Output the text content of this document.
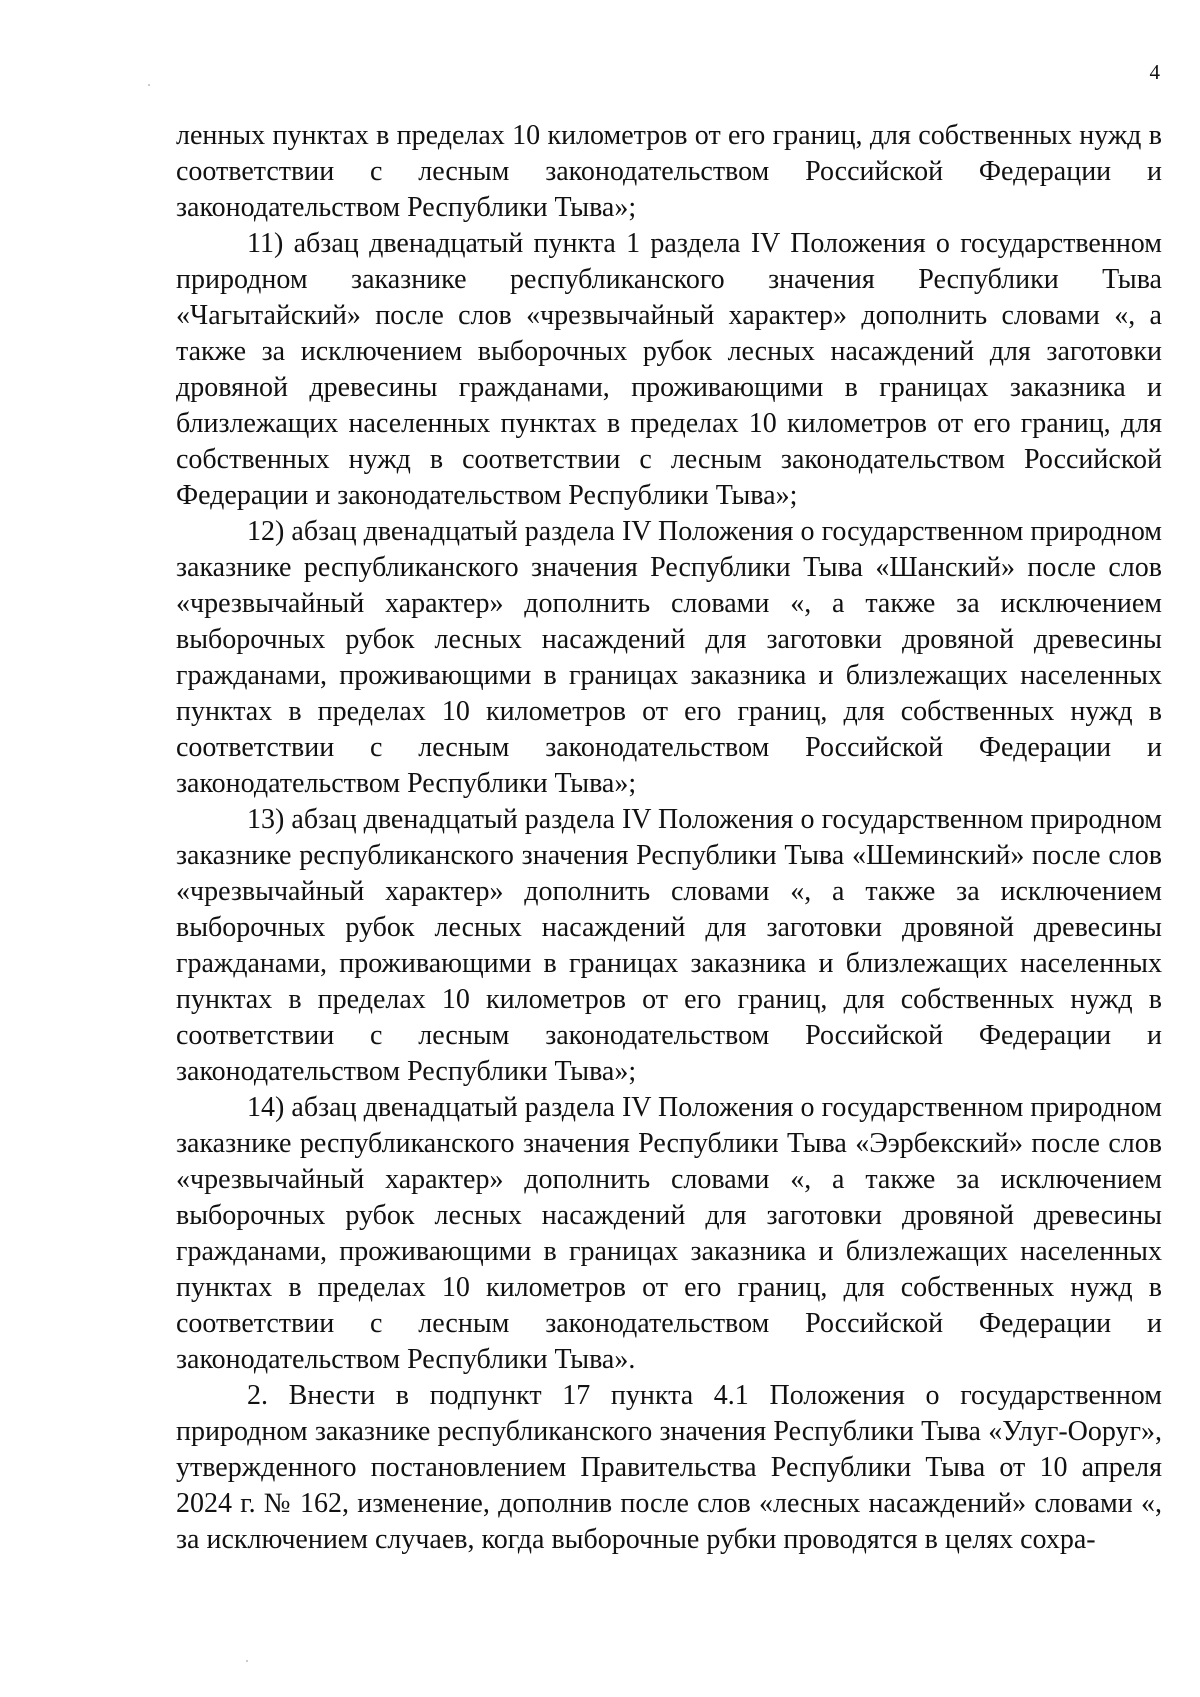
4

ленных пунктах в пределах 10 километров от его границ, для собственных нужд в соответствии с лесным законодательством Российской Федерации и законодательством Республики Тыва»;

11) абзац двенадцатый пункта 1 раздела IV Положения о государственном природном заказнике республиканского значения Республики Тыва «Чагытайский» после слов «чрезвычайный характер» дополнить словами «, а также за исключением выборочных рубок лесных насаждений для заготовки дровяной древесины гражданами, проживающими в границах заказника и близлежащих населенных пунктах в пределах 10 километров от его границ, для собственных нужд в соответствии с лесным законодательством Российской Федерации и законодательством Республики Тыва»;

12) абзац двенадцатый раздела IV Положения о государственном природном заказнике республиканского значения Республики Тыва «Шанский» после слов «чрезвычайный характер» дополнить словами «, а также за исключением выборочных рубок лесных насаждений для заготовки дровяной древесины гражданами, проживающими в границах заказника и близлежащих населенных пунктах в пределах 10 километров от его границ, для собственных нужд в соответствии с лесным законодательством Российской Федерации и законодательством Республики Тыва»;

13) абзац двенадцатый раздела IV Положения о государственном природном заказнике республиканского значения Республики Тыва «Шеминский» после слов «чрезвычайный характер» дополнить словами «, а также за исключением выборочных рубок лесных насаждений для заготовки дровяной древесины гражданами, проживающими в границах заказника и близлежащих населенных пунктах в пределах 10 километров от его границ, для собственных нужд в соответствии с лесным законодательством Российской Федерации и законодательством Республики Тыва»;

14) абзац двенадцатый раздела IV Положения о государственном природном заказнике республиканского значения Республики Тыва «Ээрбекский» после слов «чрезвычайный характер» дополнить словами «, а также за исключением выборочных рубок лесных насаждений для заготовки дровяной древесины гражданами, проживающими в границах заказника и близлежащих населенных пунктах в пределах 10 километров от его границ, для собственных нужд в соответствии с лесным законодательством Российской Федерации и законодательством Республики Тыва».

2. Внести в подпункт 17 пункта 4.1 Положения о государственном природном заказнике республиканского значения Республики Тыва «Улуг-Ооруг», утвержденного постановлением Правительства Республики Тыва от 10 апреля 2024 г. № 162, изменение, дополнив после слов «лесных насаждений» словами «, за исключением случаев, когда выборочные рубки проводятся в целях сохра-
